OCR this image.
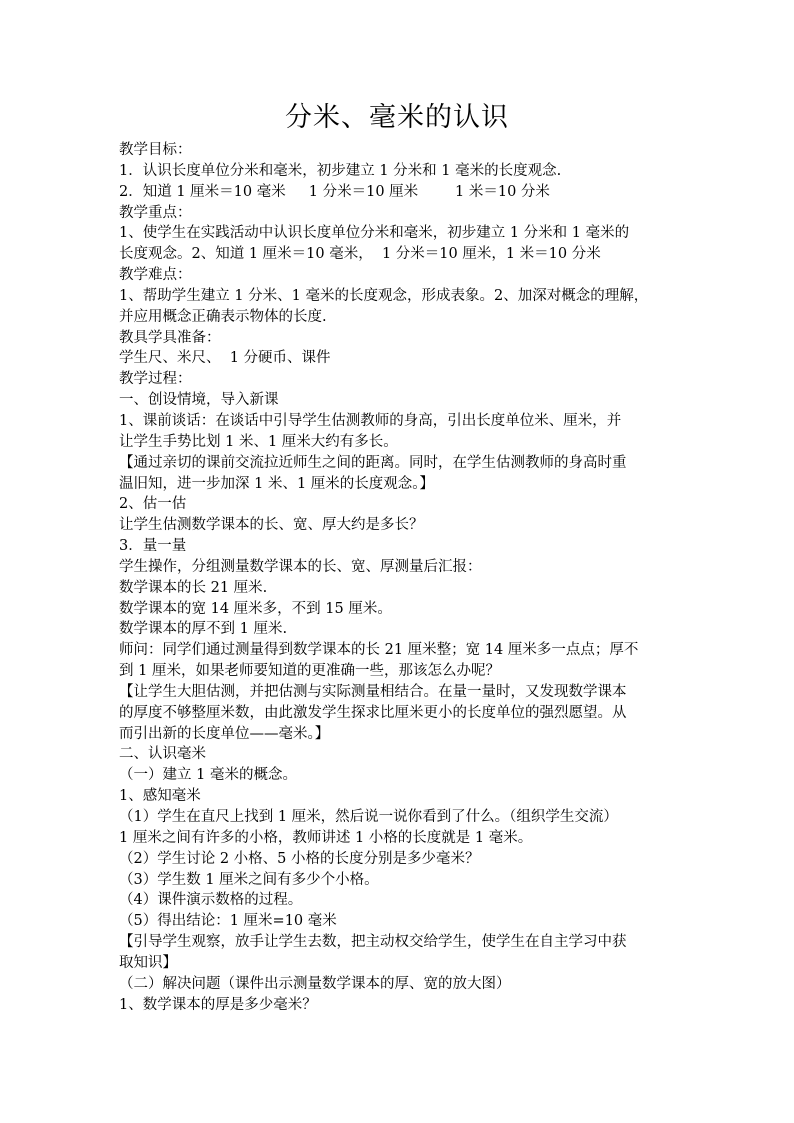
分米、毫米的认识
教学目标：
1．认识长度单位分米和毫米，初步建立 1 分米和 1 毫米的长度观念.
2．知道 1 厘米＝10 毫米     1 分米＝10 厘米        1 米＝10 分米
教学重点：
1、使学生在实践活动中认识长度单位分米和毫米，初步建立 1 分米和 1 毫米的
长度观念。2、知道 1 厘米＝10 毫米，  1 分米＝10 厘米，1 米＝10 分米
教学难点：
1、帮助学生建立 1 分米、1 毫米的长度观念，形成表象。2、加深对概念的理解，
并应用概念正确表示物体的长度.
教具学具准备：
学生尺、米尺、  1 分硬币、课件
教学过程：
一、创设情境，导入新课
1、课前谈话：在谈话中引导学生估测教师的身高，引出长度单位米、厘米，并
让学生手势比划 1 米、1 厘米大约有多长。
【通过亲切的课前交流拉近师生之间的距离。同时，在学生估测教师的身高时重
温旧知，进一步加深 1 米、1 厘米的长度观念。】
2、估一估
让学生估测数学课本的长、宽、厚大约是多长？
3．量一量
学生操作，分组测量数学课本的长、宽、厚测量后汇报：
数学课本的长 21 厘米.
数学课本的宽 14 厘米多，不到 15 厘米。
数学课本的厚不到 1 厘米.
师问：同学们通过测量得到数学课本的长 21 厘米整；宽 14 厘米多一点点；厚不
到 1 厘米，如果老师要知道的更准确一些，那该怎么办呢？
【让学生大胆估测，并把估测与实际测量相结合。在量一量时，又发现数学课本
的厚度不够整厘米数，由此激发学生探求比厘米更小的长度单位的强烈愿望。从
而引出新的长度单位——毫米。】
二、认识毫米
（一）建立 1 毫米的概念。
1、感知毫米
（1）学生在直尺上找到 1 厘米，然后说一说你看到了什么。（组织学生交流）
1 厘米之间有许多的小格，教师讲述 1 小格的长度就是 1 毫米。
（2）学生讨论 2 小格、5 小格的长度分别是多少毫米？
（3）学生数 1 厘米之间有多少个小格。
（4）课件演示数格的过程。
（5）得出结论：1 厘米=10 毫米
【引导学生观察，放手让学生去数，把主动权交给学生，使学生在自主学习中获
取知识】
（二）解决问题（课件出示测量数学课本的厚、宽的放大图）
1、数学课本的厚是多少毫米？
